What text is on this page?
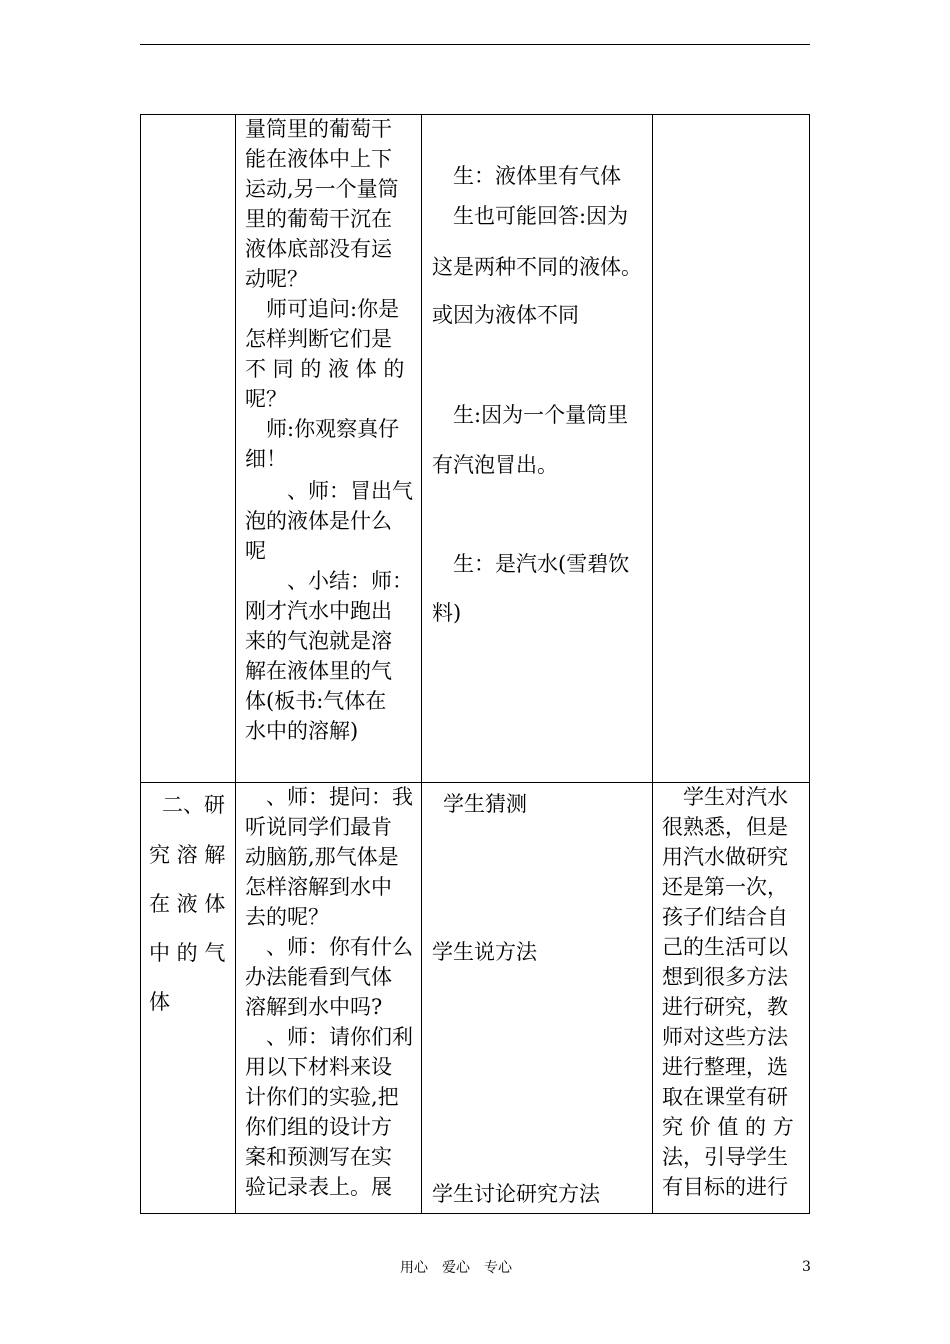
量筒里的葡萄干
能在液体中上下
运动,另一个量筒
里的葡萄干沉在
液体底部没有运
动呢？
　师可追问:你是
怎样判断它们是
不 同 的 液 体 的
呢？
　师:你观察真仔
细！
　　、师：冒出气
泡的液体是什么
呢
　　、小结：师：
刚才汽水中跑出
来的气泡就是溶
解在液体里的气
体(板书:气体在
水中的溶解)
　生：液体里有气体
　生也可能回答:因为
这是两种不同的液体。
或因为液体不同
　生:因为一个量筒里
有汽泡冒出。
　生：是汽水(雪碧饮
料)
二、研
究 溶 解
在 液 体
中 的 气
体
　、师：提问：我
听说同学们最肯
动脑筋,那气体是
怎样溶解到水中
去的呢？
　、师：你有什么
办法能看到气体
溶解到水中吗?
　、师：请你们利
用以下材料来设
计你们的实验,把
你们组的设计方
案和预测写在实
验记录表上。展
学生猜测
学生说方法
学生讨论研究方法
　学生对汽水
很熟悉，但是
用汽水做研究
还是第一次，
孩子们结合自
己的生活可以
想到很多方法
进行研究，教
师对这些方法
进行整理，选
取在课堂有研
究 价 值 的 方
法，引导学生
有目标的进行
用心　爱心　专心	3
